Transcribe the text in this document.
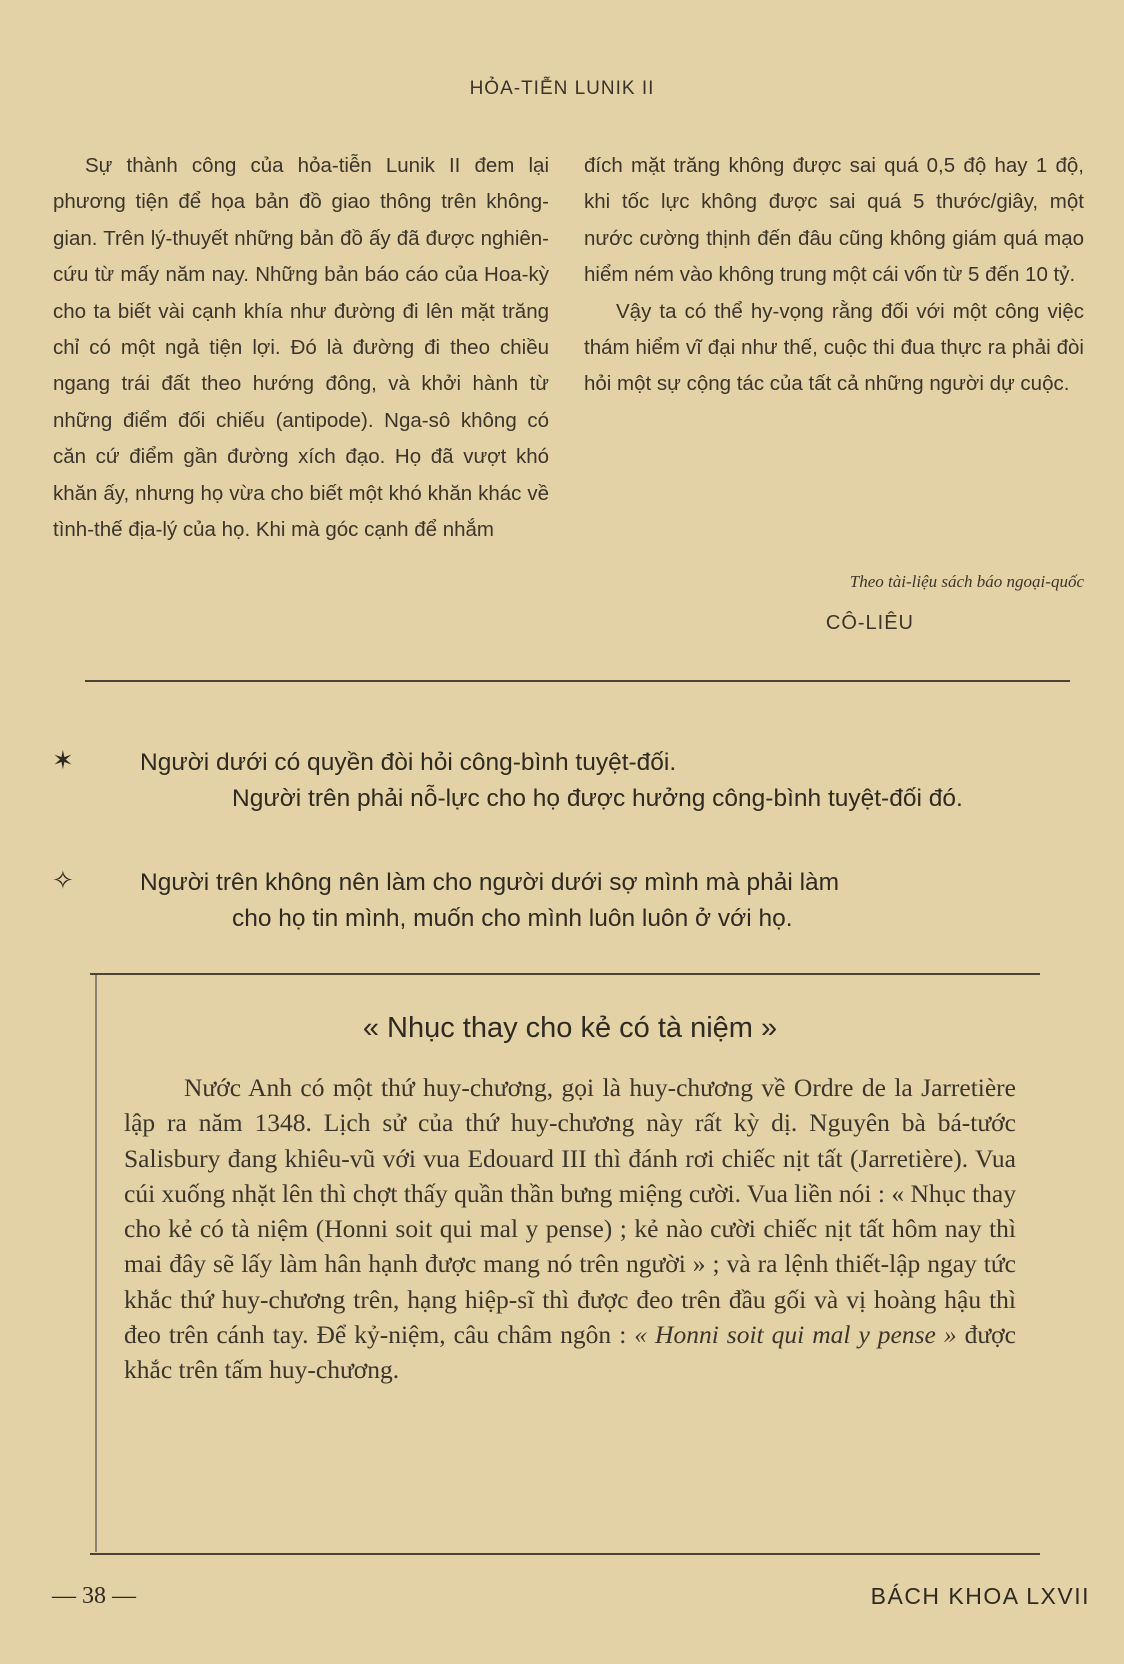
HỎA-TIỄN LUNIK II

Sự thành công của hỏa-tiễn Lunik II đem lại phương tiện để họa bản đồ giao thông trên không-gian. Trên lý-thuyết những bản đồ ấy đã được nghiên-cứu từ mấy năm nay. Những bản báo cáo của Hoa-kỳ cho ta biết vài cạnh khía như đường đi lên mặt trăng chỉ có một ngả tiện lợi. Đó là đường đi theo chiều ngang trái đất theo hướng đông, và khởi hành từ những điểm đối chiếu (antipode). Nga-sô không có căn cứ điểm gần đường xích đạo. Họ đã vượt khó khăn ấy, nhưng họ vừa cho biết một khó khăn khác về tình-thế địa-lý của họ. Khi mà góc cạnh để nhắm

đích mặt trăng không được sai quá 0,5 độ hay 1 độ, khi tốc lực không được sai quá 5 thước/giây, một nước cường thịnh đến đâu cũng không giám quá mạo hiểm ném vào không trung một cái vốn từ 5 đến 10 tỷ.

Vậy ta có thể hy-vọng rằng đối với một công việc thám hiểm vĩ đại như thế, cuộc thi đua thực ra phải đòi hỏi một sự cộng tác của tất cả những người dự cuộc.

Theo tài-liệu sách báo ngoại-quốc
CÔ-LIÊU
✶	Người dưới có quyền đòi hỏi công-bình tuyệt-đối.

Người trên phải nỗ-lực cho họ được hưởng công-bình tuyệt-đối đó.

✧	Người trên không nên làm cho người dưới sợ mình mà phải làm

cho họ tin mình, muốn cho mình luôn luôn ở với họ.

« Nhục thay cho kẻ có tà niệm »
Nước Anh có một thứ huy-chương, gọi là huy-chương về Ordre de la Jarretière lập ra năm 1348. Lịch sử của thứ huy-chương này rất kỳ dị. Nguyên bà bá-tước Salisbury đang khiêu-vũ với vua Edouard III thì đánh rơi chiếc nịt tất (Jarretière). Vua cúi xuống nhặt lên thì chợt thấy quần thần bưng miệng cười. Vua liền nói : « Nhục thay cho kẻ có tà niệm (Honni soit qui mal y pense) ; kẻ nào cười chiếc nịt tất hôm nay thì mai đây sẽ lấy làm hân hạnh được mang nó trên người » ; và ra lệnh thiết-lập ngay tức khắc thứ huy-chương trên, hạng hiệp-sĩ thì được đeo trên đầu gối và vị hoàng hậu thì đeo trên cánh tay. Để kỷ-niệm, câu châm ngôn : « Honni soit qui mal y pense » được khắc trên tấm huy-chương.
— 38 —	BÁCH KHOA LXVII
